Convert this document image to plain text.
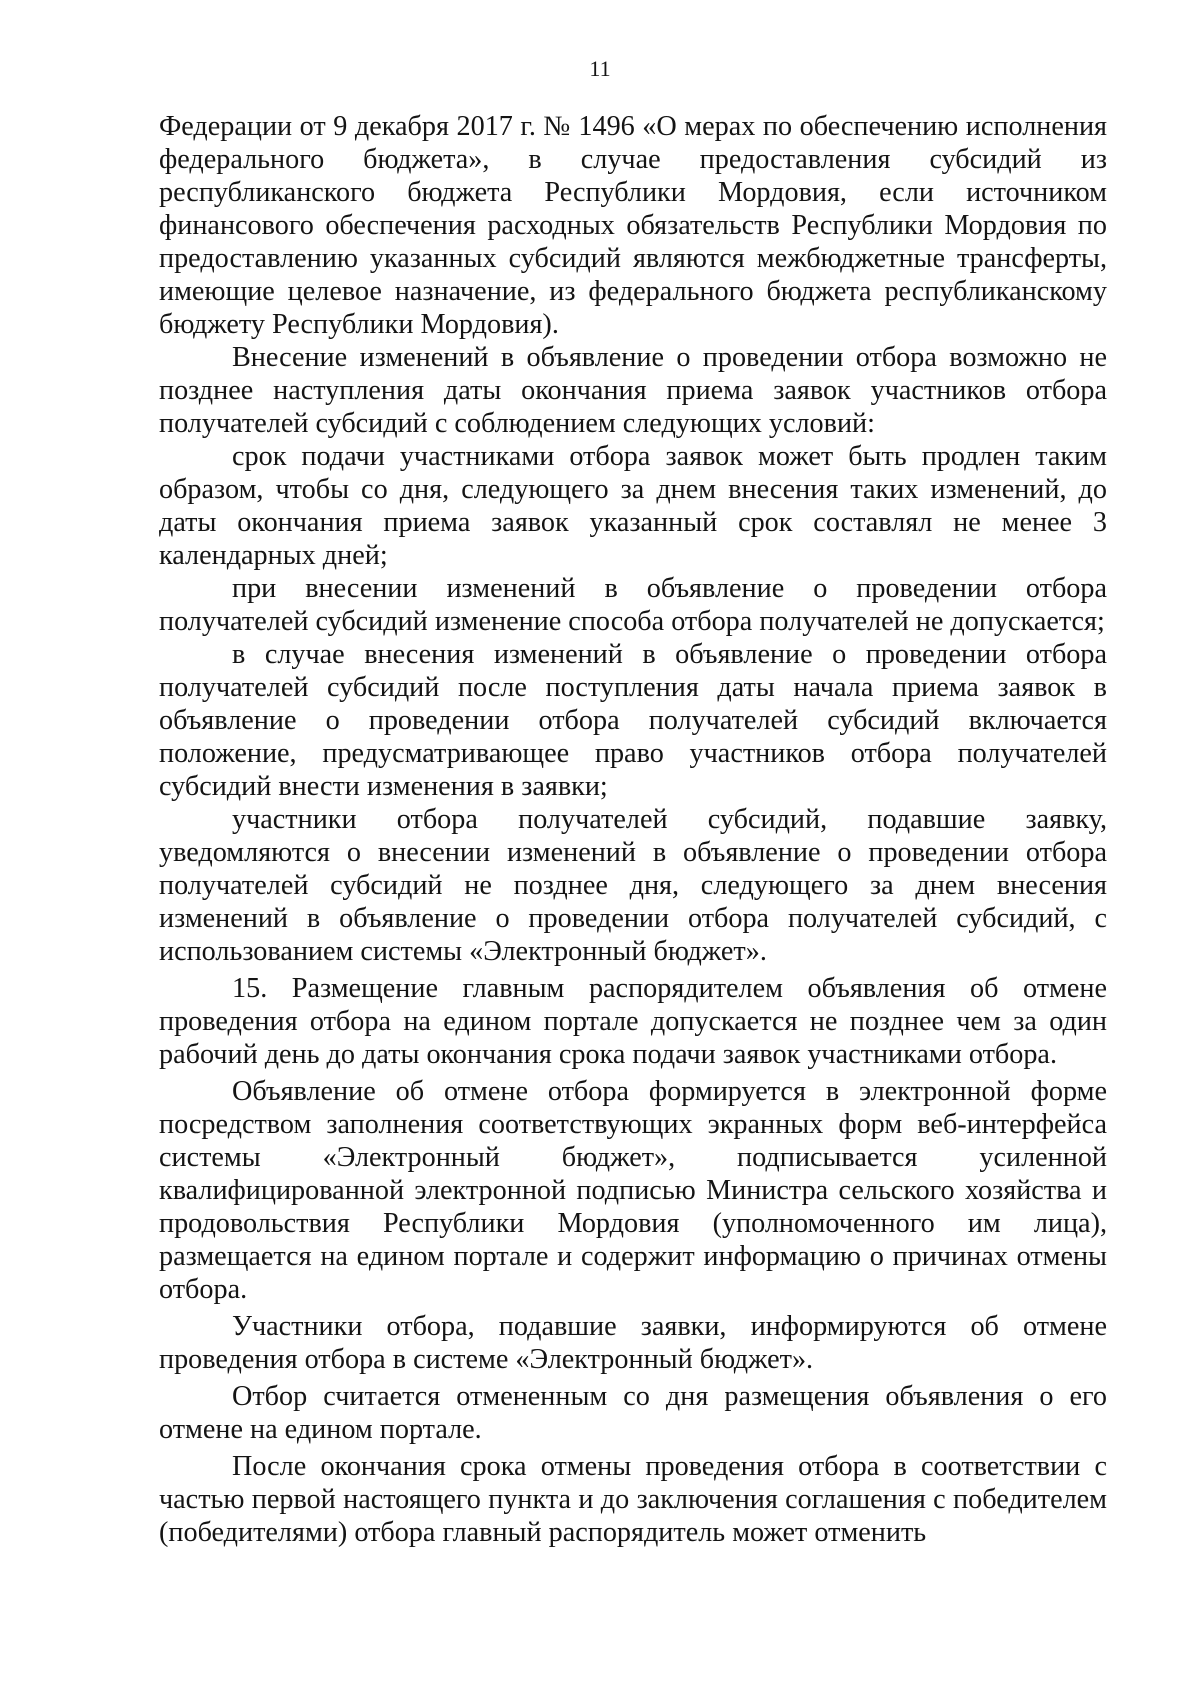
11

Федерации от 9 декабря 2017 г. № 1496 «О мерах по обеспечению исполнения федерального бюджета», в случае предоставления субсидий из республиканского бюджета Республики Мордовия, если источником финансового обеспечения расходных обязательств Республики Мордовия по предоставлению указанных субсидий являются межбюджетные трансферты, имеющие целевое назначение, из федерального бюджета республиканскому бюджету Республики Мордовия).

Внесение изменений в объявление о проведении отбора возможно не позднее наступления даты окончания приема заявок участников отбора получателей субсидий с соблюдением следующих условий:

срок подачи участниками отбора заявок может быть продлен таким образом, чтобы со дня, следующего за днем внесения таких изменений, до даты окончания приема заявок указанный срок составлял не менее 3 календарных дней;

при внесении изменений в объявление о проведении отбора получателей субсидий изменение способа отбора получателей не допускается;

в случае внесения изменений в объявление о проведении отбора получателей субсидий после поступления даты начала приема заявок в объявление о проведении отбора получателей субсидий включается положение, предусматривающее право участников отбора получателей субсидий внести изменения в заявки;

участники отбора получателей субсидий, подавшие заявку, уведомляются о внесении изменений в объявление о проведении отбора получателей субсидий не позднее дня, следующего за днем внесения изменений в объявление о проведении отбора получателей субсидий, с использованием системы «Электронный бюджет».

15. Размещение главным распорядителем объявления об отмене проведения отбора на едином портале допускается не позднее чем за один рабочий день до даты окончания срока подачи заявок участниками отбора.

Объявление об отмене отбора формируется в электронной форме посредством заполнения соответствующих экранных форм веб-интерфейса системы «Электронный бюджет», подписывается усиленной квалифицированной электронной подписью Министра сельского хозяйства и продовольствия Республики Мордовия (уполномоченного им лица), размещается на едином портале и содержит информацию о причинах отмены отбора.

Участники отбора, подавшие заявки, информируются об отмене проведения отбора в системе «Электронный бюджет».

Отбор считается отмененным со дня размещения объявления о его отмене на едином портале.

После окончания срока отмены проведения отбора в соответствии с частью первой настоящего пункта и до заключения соглашения с победителем (победителями) отбора главный распорядитель может отменить
